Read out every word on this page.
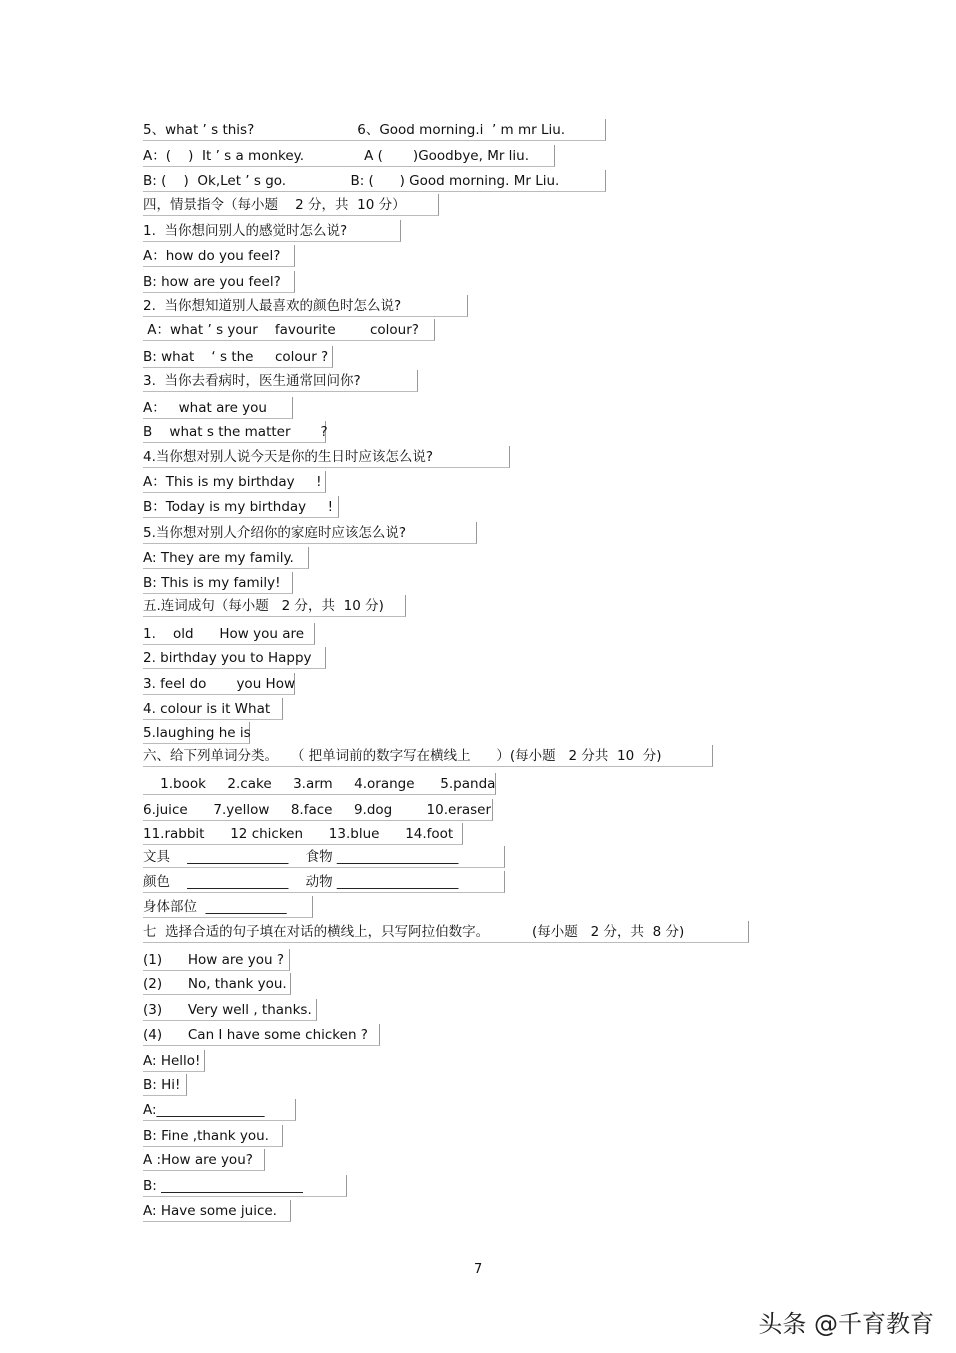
5、what ’ s this?                        6、Good morning.i  ’ m mr Liu.
A：(    )  It ’ s a monkey.              A (       )Goodbye, Mr liu.
B: (    )  Ok,Let ’ s go.               B: (      ) Good morning. Mr Liu.
四，情景指令（每小题    2 分，共  10 分）
1.  当你想问别人的感觉时怎么说?
A：how do you feel?
B: how are you feel?
2.  当你想知道别人最喜欢的颜色时怎么说?
A：what ’ s your    favourite        colour?
B: what    ‘ s the     colour ?
3.  当你去看病时，医生通常回问你?
A：   what are you
B    what s the matter       ?
4.当你想对别人说今天是你的生日时应该怎么说?
A：This is my birthday     !
B：Today is my birthday     !
5.当你想对别人介绍你的家庭时应该怎么说?
A: They are my family.
B: This is my family!
五.连词成句（每小题   2 分，共  10 分)
1.    old      How you are
2. birthday you to Happy
3. feel do       you How
4. colour is it What
5.laughing he is
六、给下列单词分类。   （ 把单词前的数字写在横线上      ）(每小题   2 分共  10  分)
1.book     2.cake     3.arm     4.orange      5.panda
6.juice      7.yellow     8.face     9.dog        10.eraser
11.rabbit      12 chicken      13.blue      14.foot
文具    _______________    食物 __________________
颜色    _______________    动物 __________________
身体部位  ____________
七  选择合适的句子填在对话的横线上，只写阿拉伯数字。          (每小题   2 分，共  8 分)
(1)      How are you ?
(2)      No, thank you.
(3)      Very well , thanks.
(4)      Can I have some chicken ?
A: Hello!
B: Hi!
A:________________
B: Fine ,thank you.
A :How are you?
B: _____________________
A: Have some juice.
7
头条 @千育教育
